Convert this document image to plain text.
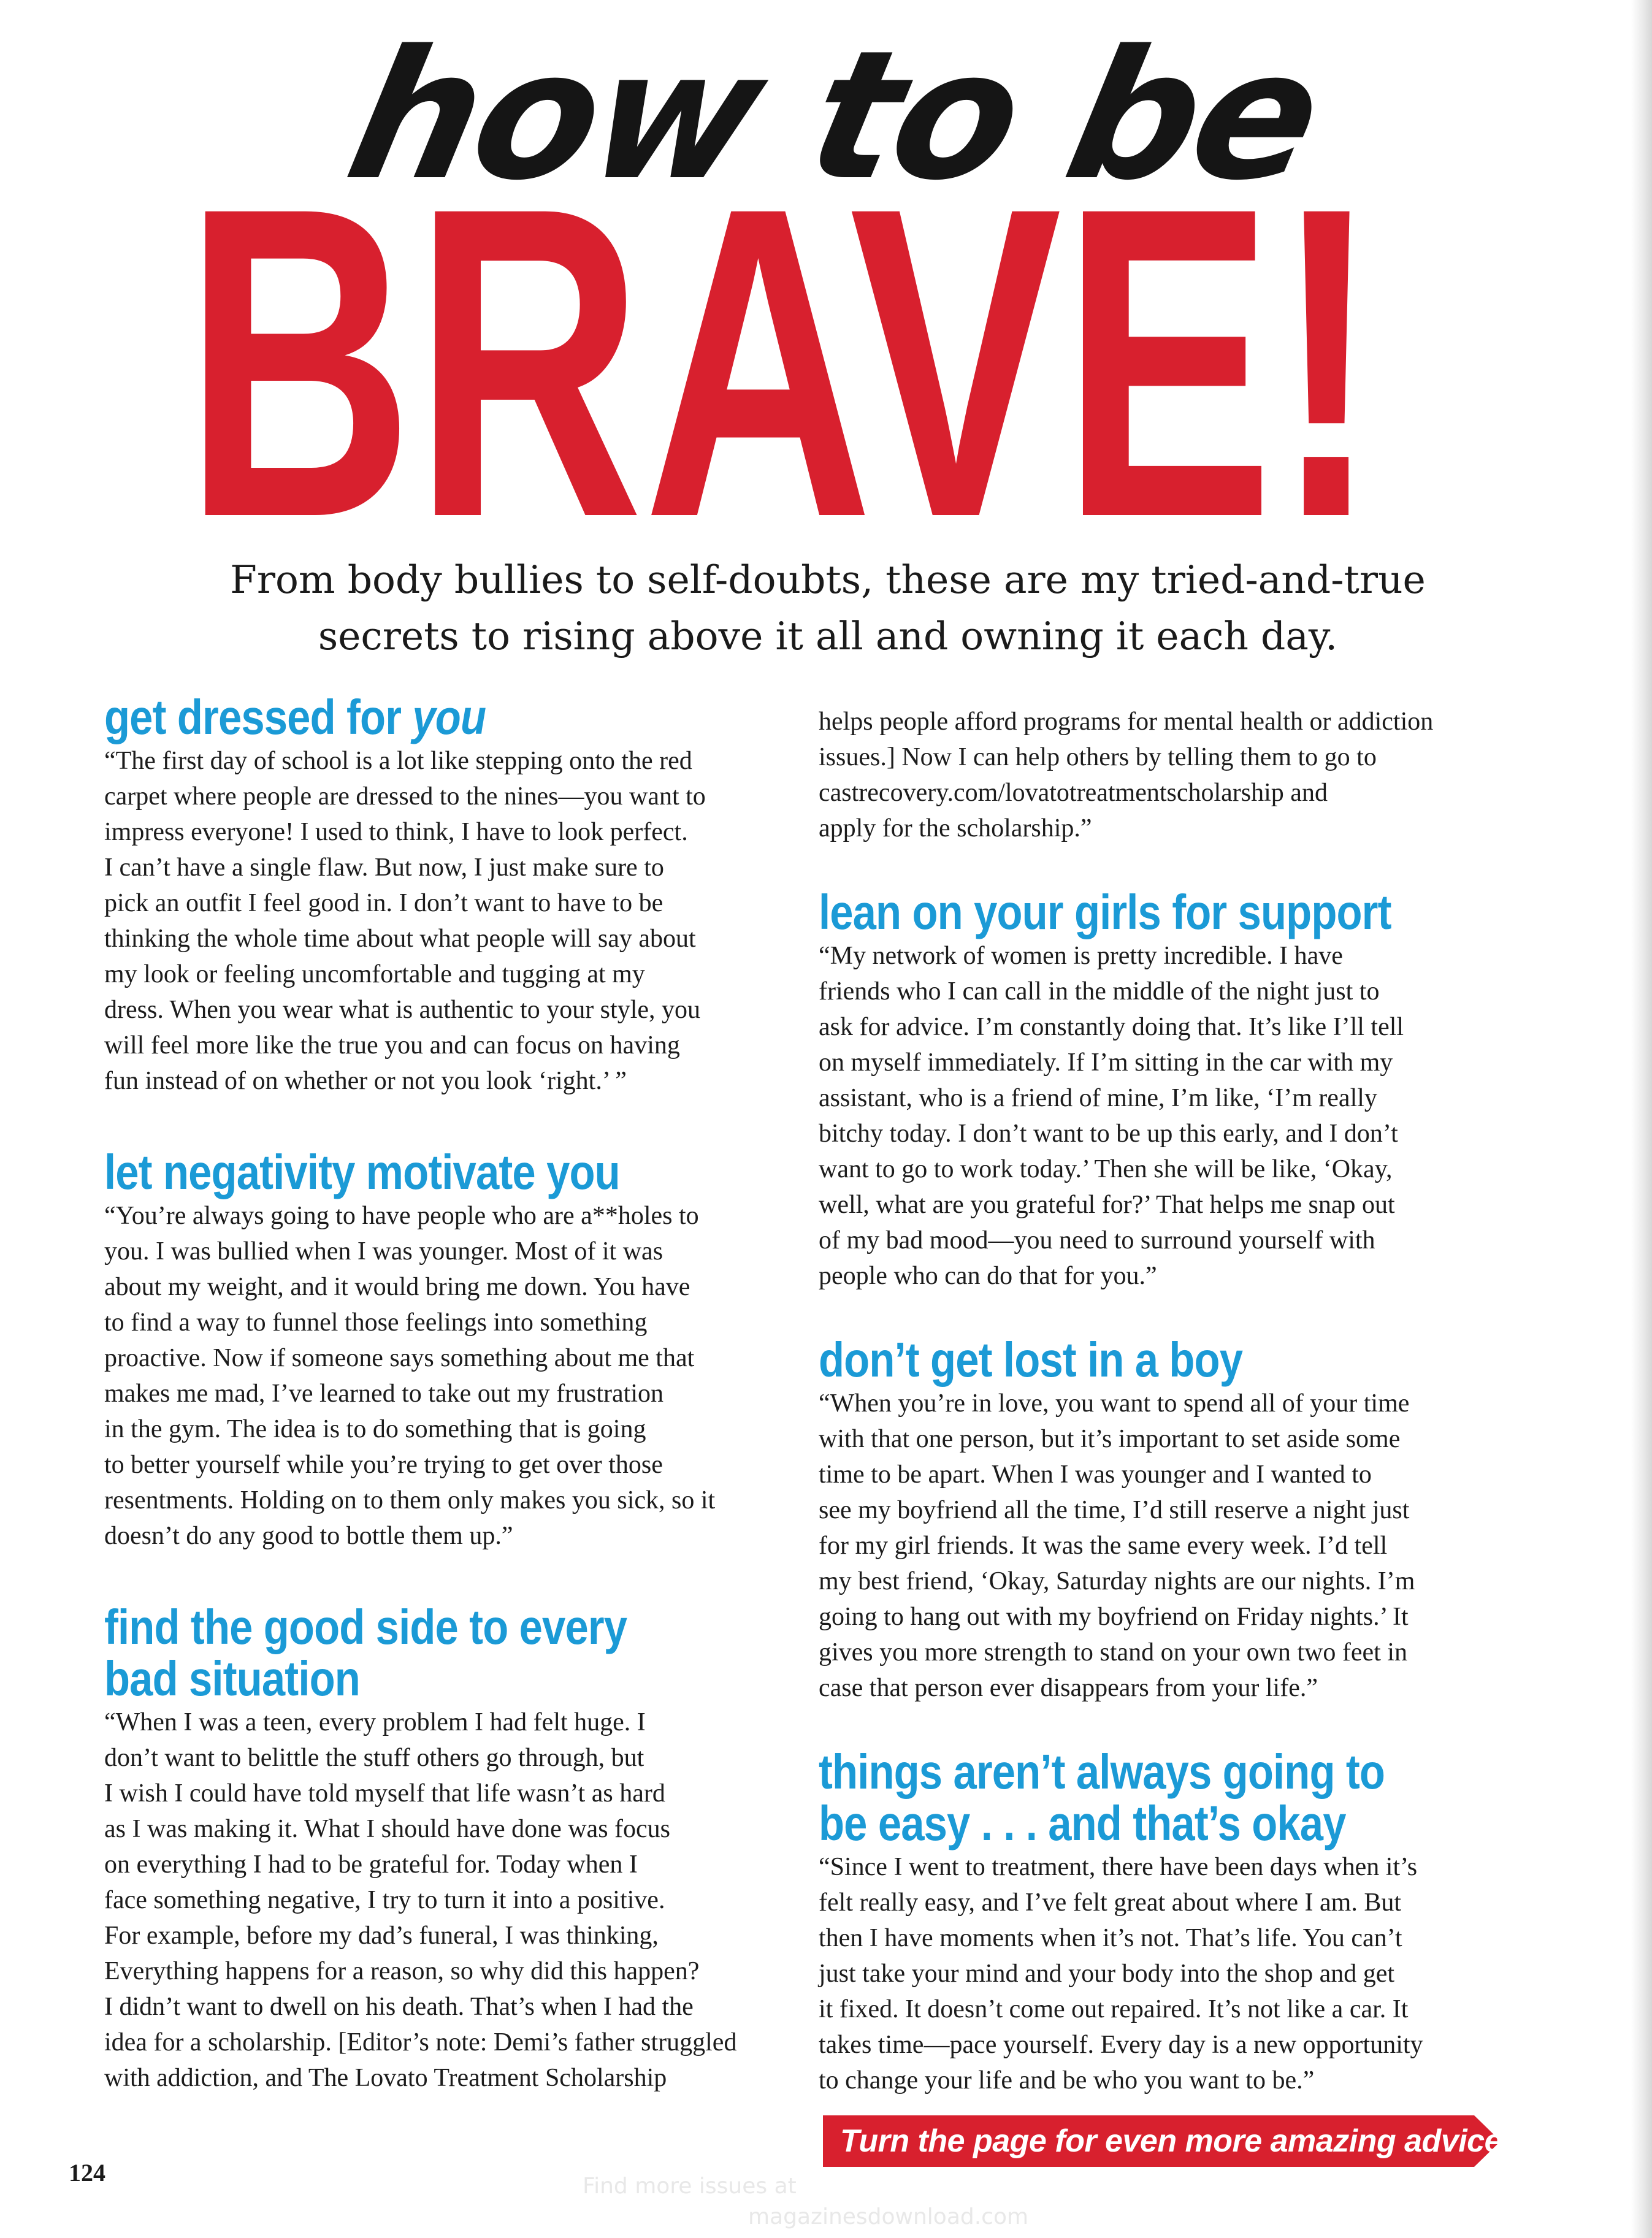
how to be
BRAVE!

From body bullies to self-doubts, these are my tried-and-true
secrets to rising above it all and owning it each day.

get dressed for you
“The first day of school is a lot like stepping onto the red
carpet where people are dressed to the nines—you want to
impress everyone! I used to think, I have to look perfect.
I can’t have a single flaw. But now, I just make sure to
pick an outfit I feel good in. I don’t want to have to be
thinking the whole time about what people will say about
my look or feeling uncomfortable and tugging at my
dress. When you wear what is authentic to your style, you
will feel more like the true you and can focus on having
fun instead of on whether or not you look ‘right.’ ”
let negativity motivate you
“You’re always going to have people who are a**holes to
you. I was bullied when I was younger. Most of it was
about my weight, and it would bring me down. You have
to find a way to funnel those feelings into something
proactive. Now if someone says something about me that
makes me mad, I’ve learned to take out my frustration
in the gym. The idea is to do something that is going
to better yourself while you’re trying to get over those
resentments. Holding on to them only makes you sick, so it
doesn’t do any good to bottle them up.”
find the good side to every
bad situation
“When I was a teen, every problem I had felt huge. I
don’t want to belittle the stuff others go through, but
I wish I could have told myself that life wasn’t as hard
as I was making it. What I should have done was focus
on everything I had to be grateful for. Today when I
face something negative, I try to turn it into a positive.
For example, before my dad’s funeral, I was thinking,
Everything happens for a reason, so why did this happen?
I didn’t want to dwell on his death. That’s when I had the
idea for a scholarship. [Editor’s note: Demi’s father struggled
with addiction, and The Lovato Treatment Scholarship
helps people afford programs for mental health or addiction
issues.] Now I can help others by telling them to go to
castrecovery.com/lovatotreatmentscholarship and
apply for the scholarship.”
lean on your girls for support
“My network of women is pretty incredible. I have
friends who I can call in the middle of the night just to
ask for advice. I’m constantly doing that. It’s like I’ll tell
on myself immediately. If I’m sitting in the car with my
assistant, who is a friend of mine, I’m like, ‘I’m really
bitchy today. I don’t want to be up this early, and I don’t
want to go to work today.’ Then she will be like, ‘Okay,
well, what are you grateful for?’ That helps me snap out
of my bad mood—you need to surround yourself with
people who can do that for you.”
don’t get lost in a boy
“When you’re in love, you want to spend all of your time
with that one person, but it’s important to set aside some
time to be apart. When I was younger and I wanted to
see my boyfriend all the time, I’d still reserve a night just
for my girl friends. It was the same every week. I’d tell
my best friend, ‘Okay, Saturday nights are our nights. I’m
going to hang out with my boyfriend on Friday nights.’ It
gives you more strength to stand on your own two feet in
case that person ever disappears from your life.”
things aren’t always going to
be easy . . . and that’s okay
“Since I went to treatment, there have been days when it’s
felt really easy, and I’ve felt great about where I am. But
then I have moments when it’s not. That’s life. You can’t
just take your mind and your body into the shop and get
it fixed. It doesn’t come out repaired. It’s not like a car. It
takes time—pace yourself. Every day is a new opportunity
to change your life and be who you want to be.”
Turn the page for even more amazing advice!
124	Find more issues at
magazinesdownload.com
